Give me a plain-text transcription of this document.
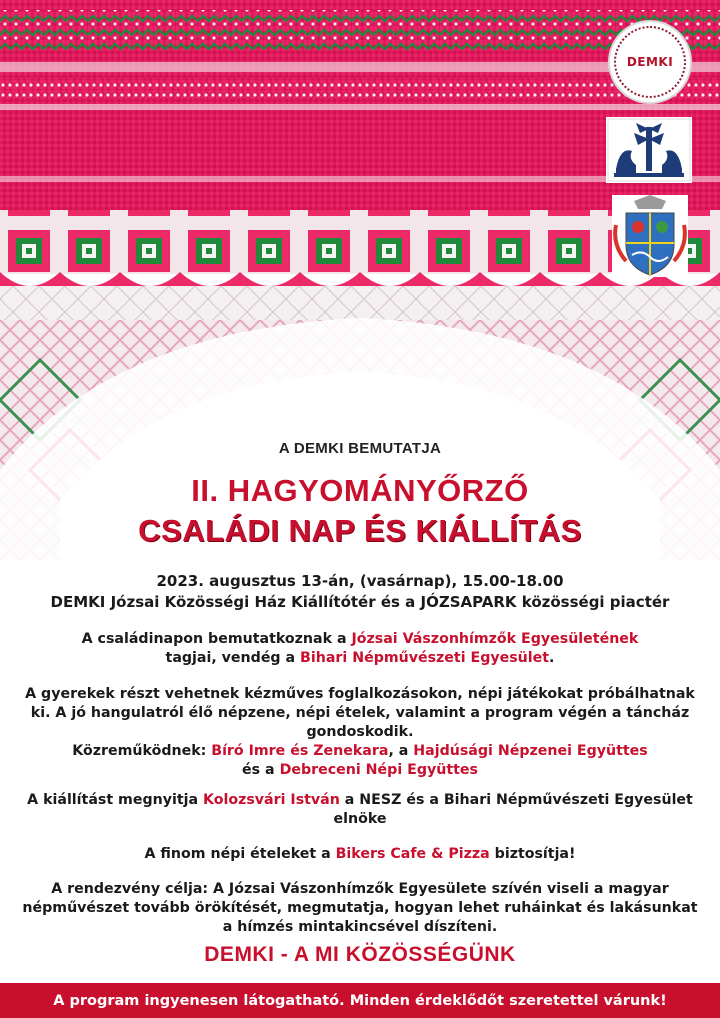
DEMKI
A DEMKI BEMUTATJA
II. HAGYOMÁNYŐRZŐ
CSALÁDI NAP ÉS KIÁLLÍTÁS
2023. augusztus 13-án, (vasárnap), 15.00-18.00
DEMKI Józsai Közösségi Ház Kiállítótér és a JÓZSAPARK közösségi piactér
A családinapon bemutatkoznak a Józsai Vászonhímzők Egyesületének
tagjai, vendég a Bihari Népművészeti Egyesület.
A gyerekek részt vehetnek kézműves foglalkozásokon, népi játékokat próbálhatnak ki. A jó hangulatról élő népzene, népi ételek, valamint a program végén a táncház gondoskodik.
Közreműködnek: Bíró Imre és Zenekara, a Hajdúsági Népzenei Együttes
és a Debreceni Népi Együttes
A kiállítást megnyitja Kolozsvári István a NESZ és a Bihari Népművészeti Egyesület elnöke
A finom népi ételeket a Bikers Cafe & Pizza biztosítja!
A rendezvény célja: A Józsai Vászonhímzők Egyesülete szívén viseli a magyar népművészet tovább örökítését, megmutatja, hogyan lehet ruháinkat és lakásunkat a hímzés mintakincsével díszíteni.
DEMKI - A MI KÖZÖSSÉGÜNK
A program ingyenesen látogatható. Minden érdeklődőt szeretettel várunk!
